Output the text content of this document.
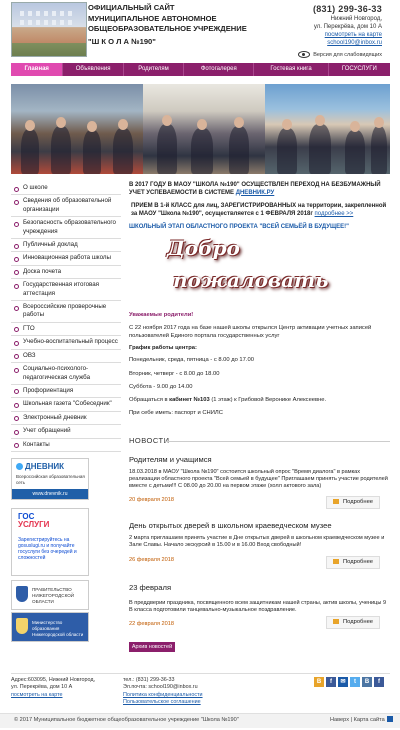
ОФИЦИАЛЬНЫЙ САЙТ
МУНИЦИПАЛЬНОЕ АВТОНОМНОЕ
ОБЩЕОБРАЗОВАТЕЛЬНОЕ УЧРЕЖДЕНИЕ
"Ш К О Л А №190"
(831) 299-36-33
Нижний Новгород,
ул. Перекрёва, дом 10 А
посмотреть на карте
school190@inbox.ru
Версия для слабовидящих
Главная	Объявления	Родителям	Фотогалерея	Гостевая книга	ГОСУСЛУГИ
О школе
Сведения об образовательной организации
Безопасность образовательного учреждения
Публичный доклад
Инновационная работа школы
Доска почета
Государственная итоговая аттестация
Всероссийские проверочные работы
ГТО
Учебно-воспитательный процесс
ОВЗ
Социально-психолого-педагогическая служба
Профориентация
Школьная газета "Собеседник"
Электронный дневник
Учет обращений
Контакты
ДНЕВНИК
Всероссийская образовательная сеть
www.dnevnik.ru
ГОС
УСЛУГИ
Зарегистрируйтесь на gosuslugi.ru и получайте госуслуги без очередей и сложностей
ПРАВИТЕЛЬСТВО НИЖЕГОРОДСКОЙ ОБЛАСТИ
Министерство образования Нижегородской области

В 2017 ГОДУ В МАОУ "ШКОЛА №190" ОСУЩЕСТВЛЕН ПЕРЕХОД НА БЕЗБУМАЖНЫЙ УЧЕТ УСПЕВАЕМОСТИ В СИСТЕМЕ ДНЕВНИК.РУ

ПРИЕМ В 1-й КЛАСС для лиц, ЗАРЕГИСТРИРОВАННЫХ на территории, закрепленной за МАОУ "Школа №190", осуществляется с 1 ФЕВРАЛЯ 2018г подробнее >>

ШКОЛЬНЫЙ ЭТАП ОБЛАСТНОГО ПРОЕКТА "ВСЕЙ СЕМЬЁЙ В БУДУЩЕЕ!"

Добро
пожаловать

Уважаемые родители!

С 22 ноября 2017 года на базе нашей школы открылся Центр активации учетных записей пользователей Единого портала государственных услуг

График работы центра:

Понедельник, среда, пятница - с 8.00 до 17.00

Вторник, четверг - с 8.00 до 18.00

Суббота - 9.00 до 14.00

Обращаться в кабинет №103 (1 этаж) к Грибовой Веронике Алексеевне.

При себе иметь: паспорт и СНИЛС

НОВОСТИ
Родителям и учащимся
18.03.2018 в МАОУ "Школа №190" состоится школьный опрос "Время диалога" в рамках реализации областного проекта "Всей семьей в будущее" Приглашаем принять участие родителей вместе с детьми!!! С 08.00 до 20.00 на первом этаже (холл актового зала)
20 февраля 2018	Подробнее
День открытых дверей в школьном краеведческом музее
2 марта приглашаем принять участие в Дне открытых дверей в школьном краеведческом музее и Зале Славы. Начало экскурсий в 15.00 и в 16.00 Вход свободный!
26 февраля 2018	Подробнее
23 февраля
В преддверии праздника, посвященного всем защитникам нашей страны, актив школы, ученицы 9 В класса подготовили танцевально-музыкальное поздравление.
22 февраля 2018	Подробнее
Архив новостей
Адрес:603095, Нижний Новгород,
ул. Перекрёва, дом 10 А
посмотреть на карте
тел.: (831) 299-36-33
Эл.почта: school190@inbox.ru
Политика конфиденциальности
Пользовательское соглашение
В	f	✉	t	B	f
© 2017 Муниципальное бюджетное общеобразовательное учреждение "Школа №190"	Наверх | Карта сайта
